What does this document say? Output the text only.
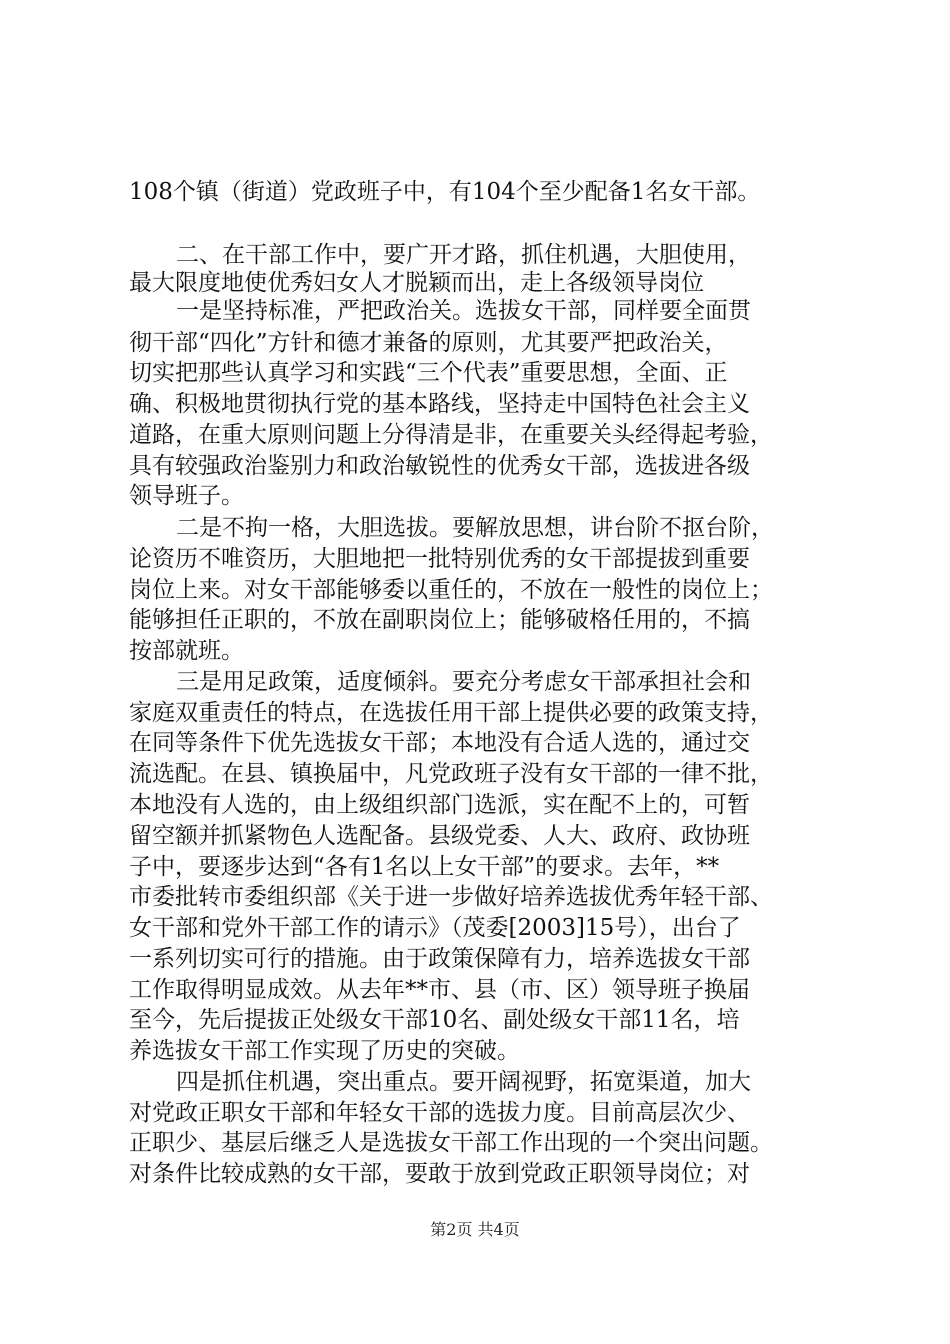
108个镇（街道）党政班子中，有104个至少配备1名女干部。
二、在干部工作中，要广开才路，抓住机遇，大胆使用，
最大限度地使优秀妇女人才脱颖而出，走上各级领导岗位
一是坚持标准，严把政治关。选拔女干部，同样要全面贯
彻干部“四化”方针和德才兼备的原则，尤其要严把政治关，
切实把那些认真学习和实践“三个代表”重要思想，全面、正
确、积极地贯彻执行党的基本路线，坚持走中国特色社会主义
道路，在重大原则问题上分得清是非，在重要关头经得起考验，
具有较强政治鉴别力和政治敏锐性的优秀女干部，选拔进各级
领导班子。
二是不拘一格，大胆选拔。要解放思想，讲台阶不抠台阶，
论资历不唯资历，大胆地把一批特别优秀的女干部提拔到重要
岗位上来。对女干部能够委以重任的，不放在一般性的岗位上；
能够担任正职的，不放在副职岗位上；能够破格任用的，不搞
按部就班。
三是用足政策，适度倾斜。要充分考虑女干部承担社会和
家庭双重责任的特点，在选拔任用干部上提供必要的政策支持，
在同等条件下优先选拔女干部；本地没有合适人选的，通过交
流选配。在县、镇换届中，凡党政班子没有女干部的一律不批，
本地没有人选的，由上级组织部门选派，实在配不上的，可暂
留空额并抓紧物色人选配备。县级党委、人大、政府、政协班
子中，要逐步达到“各有1名以上女干部”的要求。去年，**
市委批转市委组织部《关于进一步做好培养选拔优秀年轻干部、
女干部和党外干部工作的请示》（茂委[2003]15号），出台了
一系列切实可行的措施。由于政策保障有力，培养选拔女干部
工作取得明显成效。从去年**市、县（市、区）领导班子换届
至今，先后提拔正处级女干部10名、副处级女干部11名，培
养选拔女干部工作实现了历史的突破。
四是抓住机遇，突出重点。要开阔视野，拓宽渠道，加大
对党政正职女干部和年轻女干部的选拔力度。目前高层次少、
正职少、基层后继乏人是选拔女干部工作出现的一个突出问题。
对条件比较成熟的女干部，要敢于放到党政正职领导岗位；对
第2页 共4页
